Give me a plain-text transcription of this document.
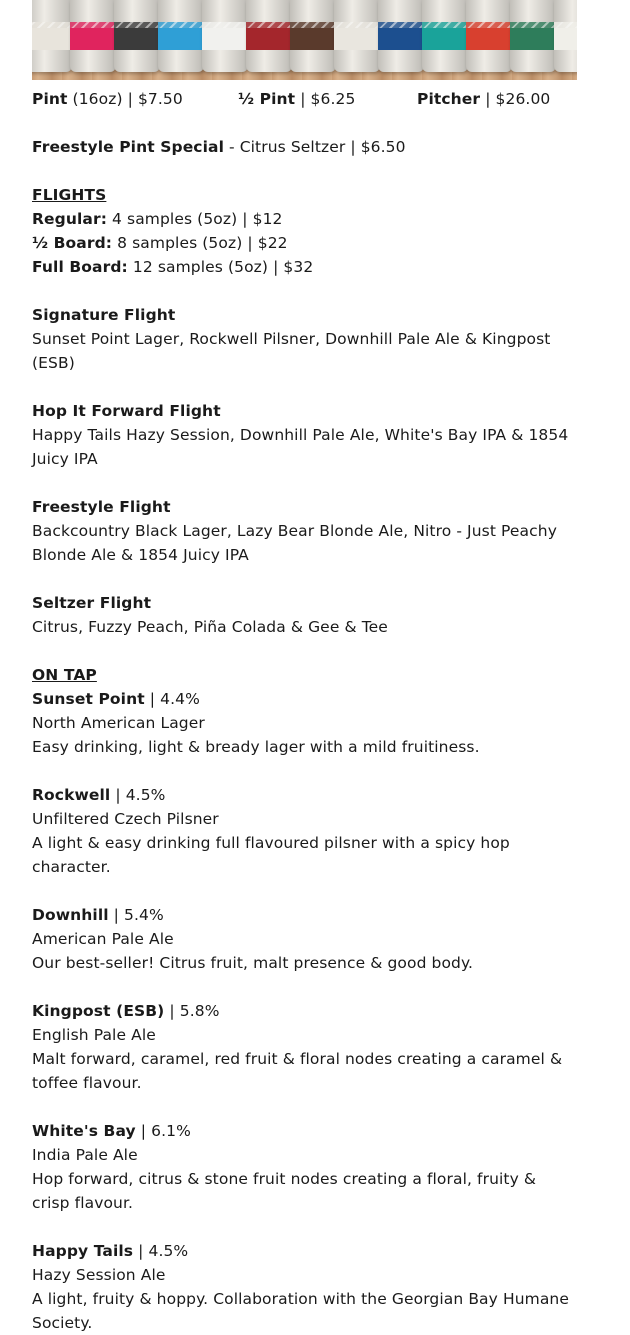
Pint (16oz) | $7.50	½ Pint | $6.25	Pitcher | $26.00

Freestyle Pint Special - Citrus Seltzer | $6.50

FLIGHTS

Regular: 4 samples (5oz) | $12

½ Board: 8 samples (5oz) | $22

Full Board: 12 samples (5oz) | $32

Signature Flight

Sunset Point Lager, Rockwell Pilsner, Downhill Pale Ale & Kingpost (ESB)

Hop It Forward Flight

Happy Tails Hazy Session, Downhill Pale Ale, White's Bay IPA & 1854 Juicy IPA

Freestyle Flight

Backcountry Black Lager, Lazy Bear Blonde Ale, Nitro - Just Peachy Blonde Ale & 1854 Juicy IPA

Seltzer Flight

Citrus, Fuzzy Peach, Piña Colada & Gee & Tee

ON TAP

Sunset Point | 4.4%

North American Lager

Easy drinking, light & bready lager with a mild fruitiness.

Rockwell | 4.5%

Unfiltered Czech Pilsner

A light & easy drinking full flavoured pilsner with a spicy hop character.

Downhill | 5.4%

American Pale Ale

Our best-seller! Citrus fruit, malt presence & good body.

Kingpost (ESB) | 5.8%

English Pale Ale

Malt forward, caramel, red fruit & floral nodes creating a caramel & toffee flavour.

White's Bay | 6.1%

India Pale Ale

Hop forward, citrus & stone fruit nodes creating a floral, fruity & crisp flavour.

Happy Tails | 4.5%

Hazy Session Ale

A light, fruity & hoppy. Collaboration with the Georgian Bay Humane Society.
